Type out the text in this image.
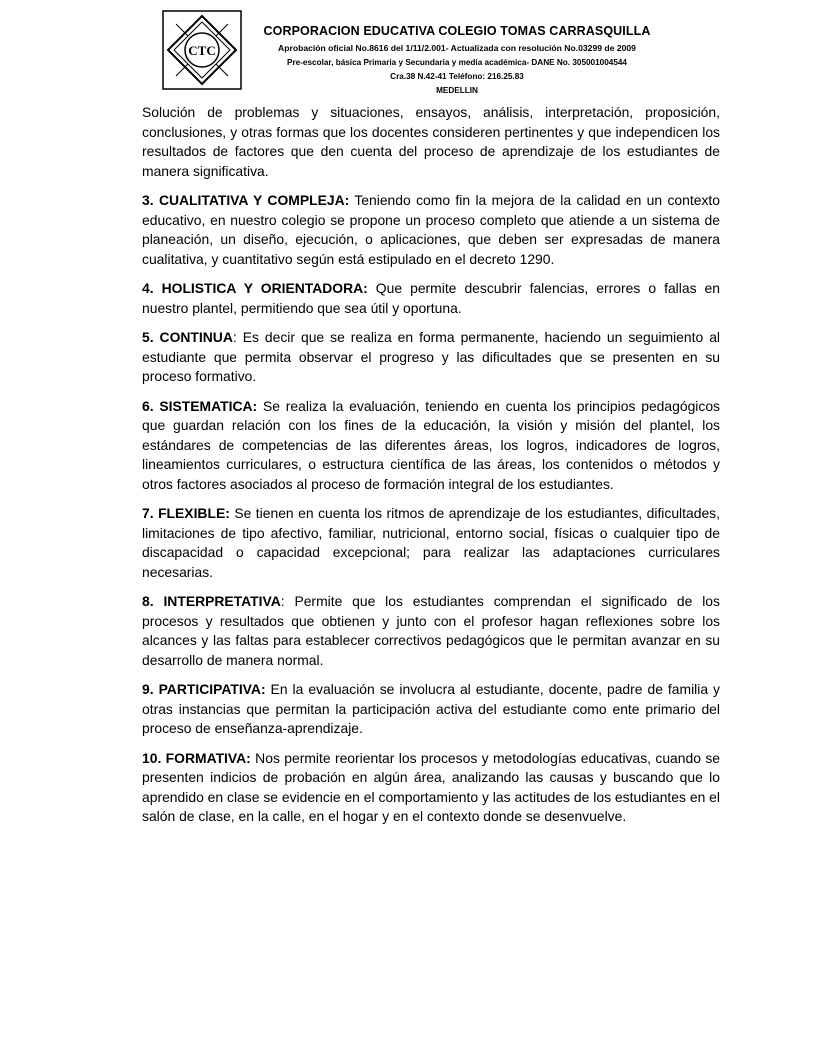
CTC
CORPORACION EDUCATIVA COLEGIO TOMAS CARRASQUILLA
Aprobación oficial No.8616 del 1/11/2.001- Actualizada con resolución No.03299 de 2009
Pre-escolar, básica Primaria y Secundaria y media académica- DANE No. 305001004544
Cra.38 N.42-41 Teléfono: 216.25.83
MEDELLIN

Solución de problemas y situaciones, ensayos, análisis, interpretación, proposición, conclusiones, y otras formas que los docentes consideren pertinentes y que independicen los resultados de factores que den cuenta del proceso de aprendizaje de los estudiantes de manera significativa.

3. CUALITATIVA Y COMPLEJA: Teniendo como fin la mejora de la calidad en un contexto educativo, en nuestro colegio se propone un proceso completo que atiende a un sistema de planeación, un diseño, ejecución, o aplicaciones, que deben ser expresadas de manera cualitativa, y cuantitativo según está estipulado en el decreto 1290.

4. HOLISTICA Y ORIENTADORA: Que permite descubrir falencias, errores o fallas en nuestro plantel, permitiendo que sea útil y oportuna.

5. CONTINUA: Es decir que se realiza en forma permanente, haciendo un seguimiento al estudiante que permita observar el progreso y las dificultades que se presenten en su proceso formativo.

6. SISTEMATICA: Se realiza la evaluación, teniendo en cuenta los principios pedagógicos que guardan relación con los fines de la educación, la visión y misión del plantel, los estándares de competencias de las diferentes áreas, los logros, indicadores de logros, lineamientos curriculares, o estructura científica de las áreas, los contenidos o métodos y otros factores asociados al proceso de formación integral de los estudiantes.

7. FLEXIBLE: Se tienen en cuenta los ritmos de aprendizaje de los estudiantes, dificultades, limitaciones de tipo afectivo, familiar, nutricional, entorno social, físicas o cualquier tipo de discapacidad o capacidad excepcional; para realizar las adaptaciones curriculares necesarias.

8. INTERPRETATIVA: Permite que los estudiantes comprendan el significado de los procesos y resultados que obtienen y junto con el profesor hagan reflexiones sobre los alcances y las faltas para establecer correctivos pedagógicos que le permitan avanzar en su desarrollo de manera normal.

9. PARTICIPATIVA: En la evaluación se involucra al estudiante, docente, padre de familia y otras instancias que permitan la participación activa del estudiante como ente primario del proceso de enseñanza-aprendizaje.

10. FORMATIVA: Nos permite reorientar los procesos y metodologías educativas, cuando se presenten indicios de probación en algún área, analizando las causas y buscando que lo aprendido en clase se evidencie en el comportamiento y las actitudes de los estudiantes en el salón de clase, en la calle, en el hogar y en el contexto donde se desenvuelve.
